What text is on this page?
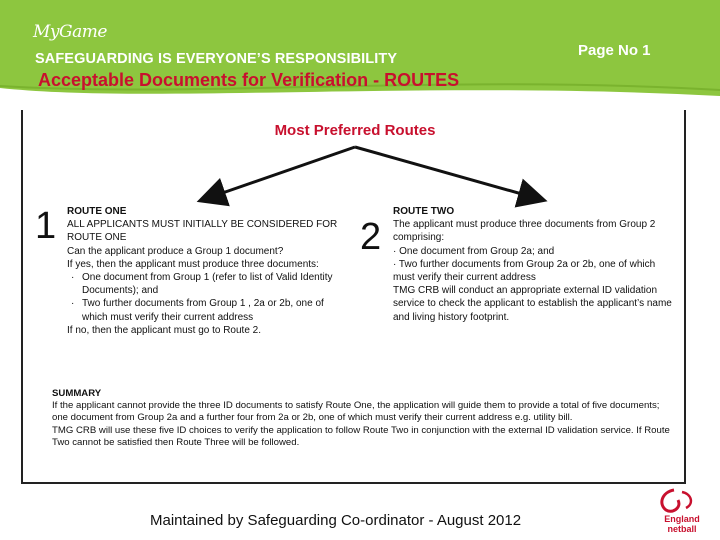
MyGame
SAFEGUARDING IS EVERYONE’S RESPONSIBILITY	Page No 1
Acceptable Documents for Verification - ROUTES
Most Preferred Routes
1 ROUTE ONE
ALL APPLICANTS MUST INITIALLY BE CONSIDERED FOR ROUTE ONE
Can the applicant produce a Group 1 document?
If yes, then the applicant must produce three documents:
· One document from Group 1 (refer to list of Valid Identity Documents); and
· Two further documents from Group 1 , 2a or 2b, one of which must verify their current address
If no, then the applicant must go to Route 2.
2
ROUTE TWO
The applicant must produce three documents from Group 2 comprising:
· One document from Group 2a; and
· Two further documents from Group 2a or 2b, one of which must verify their current address
TMG CRB will conduct an appropriate external ID validation service to check the applicant to establish the applicant’s name and living history footprint.
SUMMARY
If the applicant cannot provide the three ID documents to satisfy Route One, the application will guide them to provide a total of five documents; one document from Group 2a and a further four from 2a or 2b, one of which must verify their current address e.g. utility bill.
TMG CRB will use these five ID choices to verify the application to follow Route Two in conjunction with the external ID validation service. If Route Two cannot be satisfied then Route Three will be followed.
Maintained by Safeguarding Co-ordinator - August 2012	England
netball
